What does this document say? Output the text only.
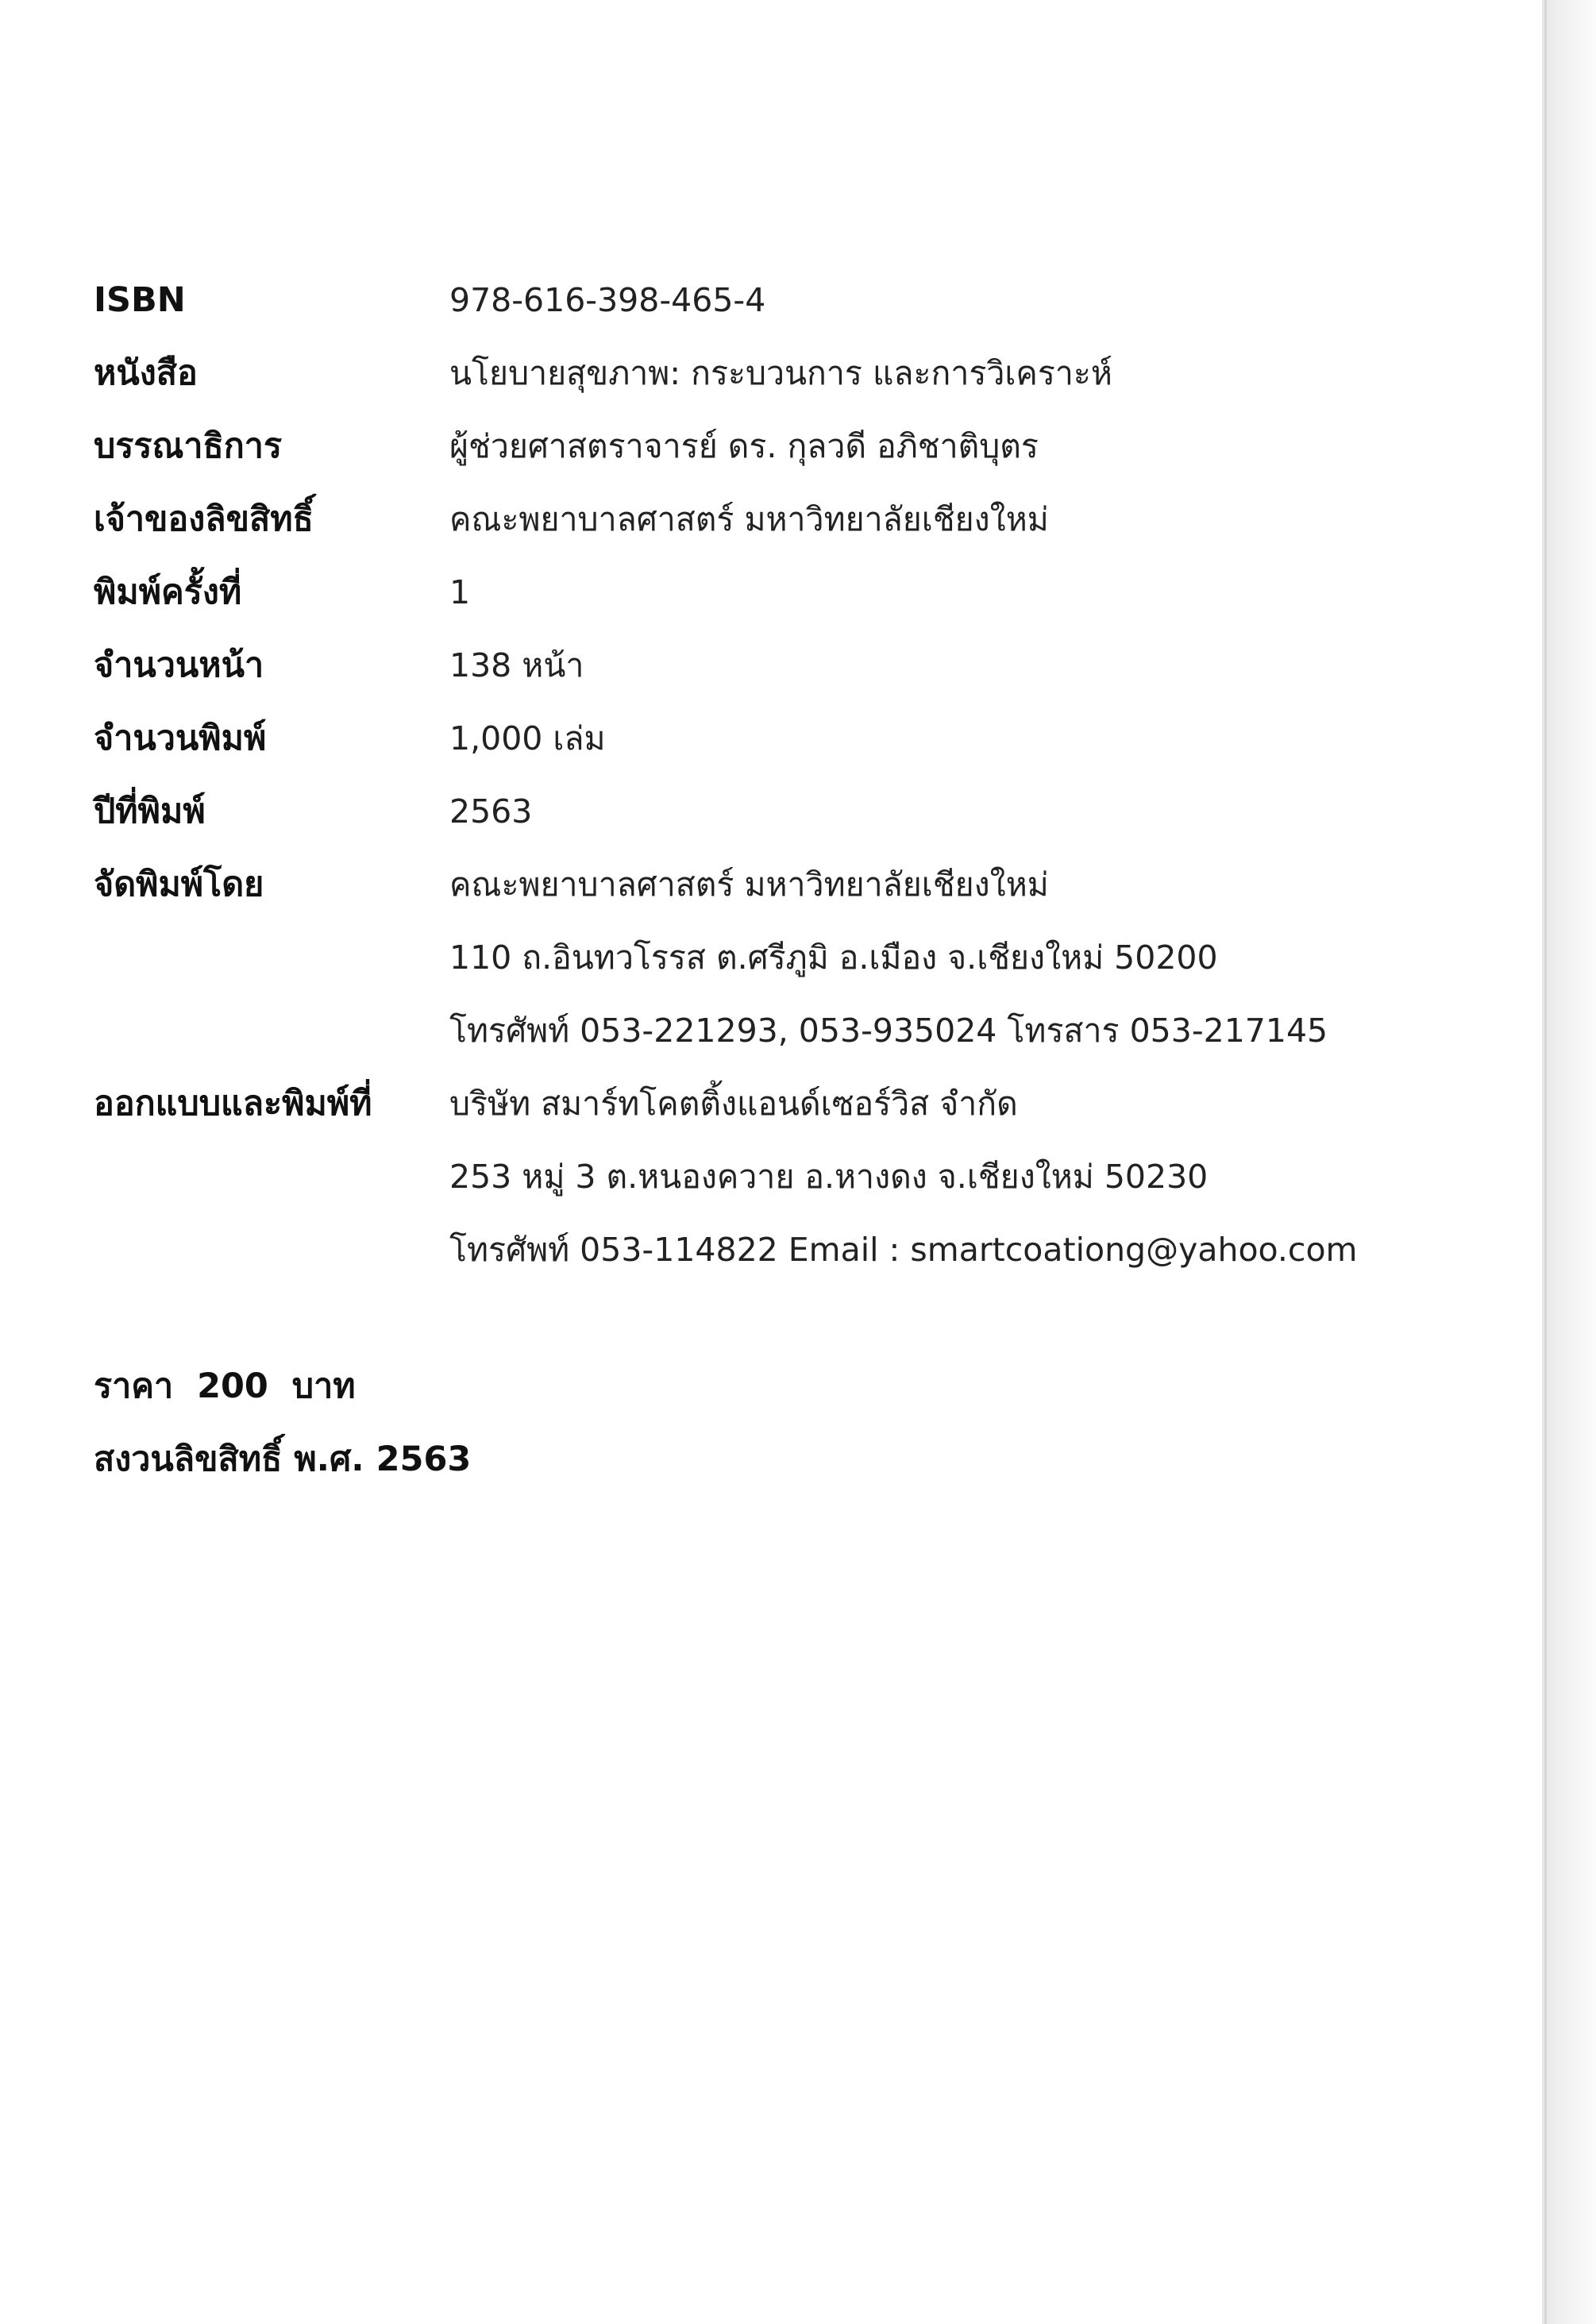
ISBN	978-616-398-465-4
หนังสือ	นโยบายสุขภาพ: กระบวนการ และการวิเคราะห์
บรรณาธิการ	ผู้ช่วยศาสตราจารย์ ดร. กุลวดี อภิชาติบุตร
เจ้าของลิขสิทธิ์	คณะพยาบาลศาสตร์ มหาวิทยาลัยเชียงใหม่
พิมพ์ครั้งที่	1
จำนวนหน้า	138 หน้า
จำนวนพิมพ์	1,000 เล่ม
ปีที่พิมพ์	2563
จัดพิมพ์โดย	คณะพยาบาลศาสตร์ มหาวิทยาลัยเชียงใหม่
110 ถ.อินทวโรรส ต.ศรีภูมิ อ.เมือง จ.เชียงใหม่ 50200
โทรศัพท์ 053-221293, 053-935024 โทรสาร 053-217145
ออกแบบและพิมพ์ที่	บริษัท สมาร์ทโคตติ้งแอนด์เซอร์วิส จำกัด
253 หมู่ 3 ต.หนองควาย อ.หางดง จ.เชียงใหม่ 50230
โทรศัพท์ 053-114822 Email : smartcoationg@yahoo.com
ราคา  200  บาท
สงวนลิขสิทธิ์ พ.ศ. 2563
